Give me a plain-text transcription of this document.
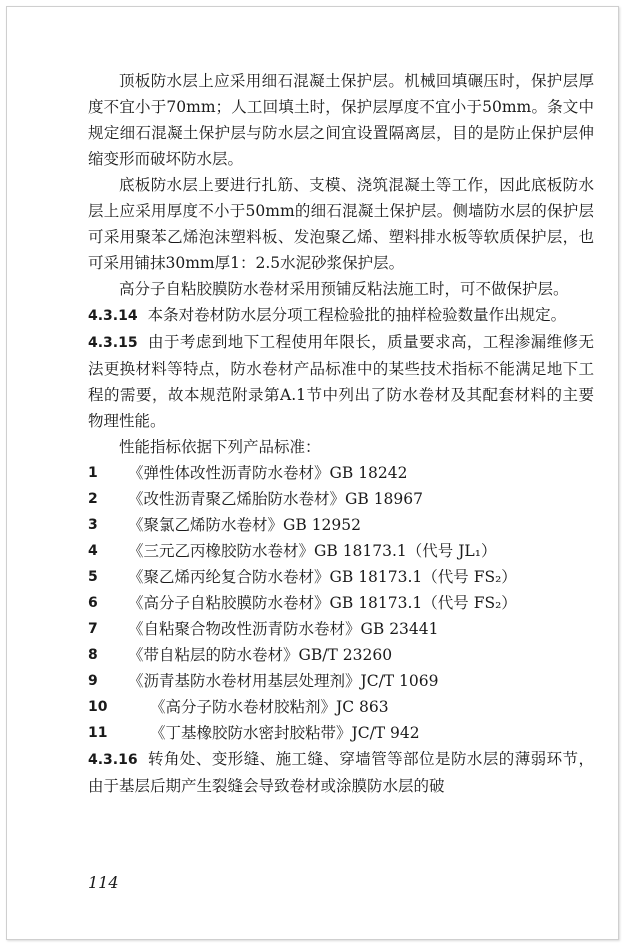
顶板防水层上应采用细石混凝土保护层。机械回填碾压时，保护层厚度不宜小于70mm；人工回填土时，保护层厚度不宜小于50mm。条文中规定细石混凝土保护层与防水层之间宜设置隔离层，目的是防止保护层伸缩变形而破坏防水层。

底板防水层上要进行扎筋、支模、浇筑混凝土等工作，因此底板防水层上应采用厚度不小于50mm的细石混凝土保护层。侧墙防水层的保护层可采用聚苯乙烯泡沫塑料板、发泡聚乙烯、塑料排水板等软质保护层，也可采用铺抹30mm厚1：2.5水泥砂浆保护层。

高分子自粘胶膜防水卷材采用预铺反粘法施工时，可不做保护层。

4.3.14 本条对卷材防水层分项工程检验批的抽样检验数量作出规定。

4.3.15 由于考虑到地下工程使用年限长，质量要求高，工程渗漏维修无法更换材料等特点，防水卷材产品标准中的某些技术指标不能满足地下工程的需要，故本规范附录第A.1节中列出了防水卷材及其配套材料的主要物理性能。

性能指标依据下列产品标准：

1	《弹性体改性沥青防水卷材》GB 18242
2	《改性沥青聚乙烯胎防水卷材》GB 18967
3	《聚氯乙烯防水卷材》GB 12952
4	《三元乙丙橡胶防水卷材》GB 18173.1（代号 JL₁）
5	《聚乙烯丙纶复合防水卷材》GB 18173.1（代号 FS₂）
6	《高分子自粘胶膜防水卷材》GB 18173.1（代号 FS₂）
7	《自粘聚合物改性沥青防水卷材》GB 23441
8	《带自粘层的防水卷材》GB/T 23260
9	《沥青基防水卷材用基层处理剂》JC/T 1069
10	《高分子防水卷材胶粘剂》JC 863
11	《丁基橡胶防水密封胶粘带》JC/T 942

4.3.16 转角处、变形缝、施工缝、穿墙管等部位是防水层的薄弱环节，由于基层后期产生裂缝会导致卷材或涂膜防水层的破

114
